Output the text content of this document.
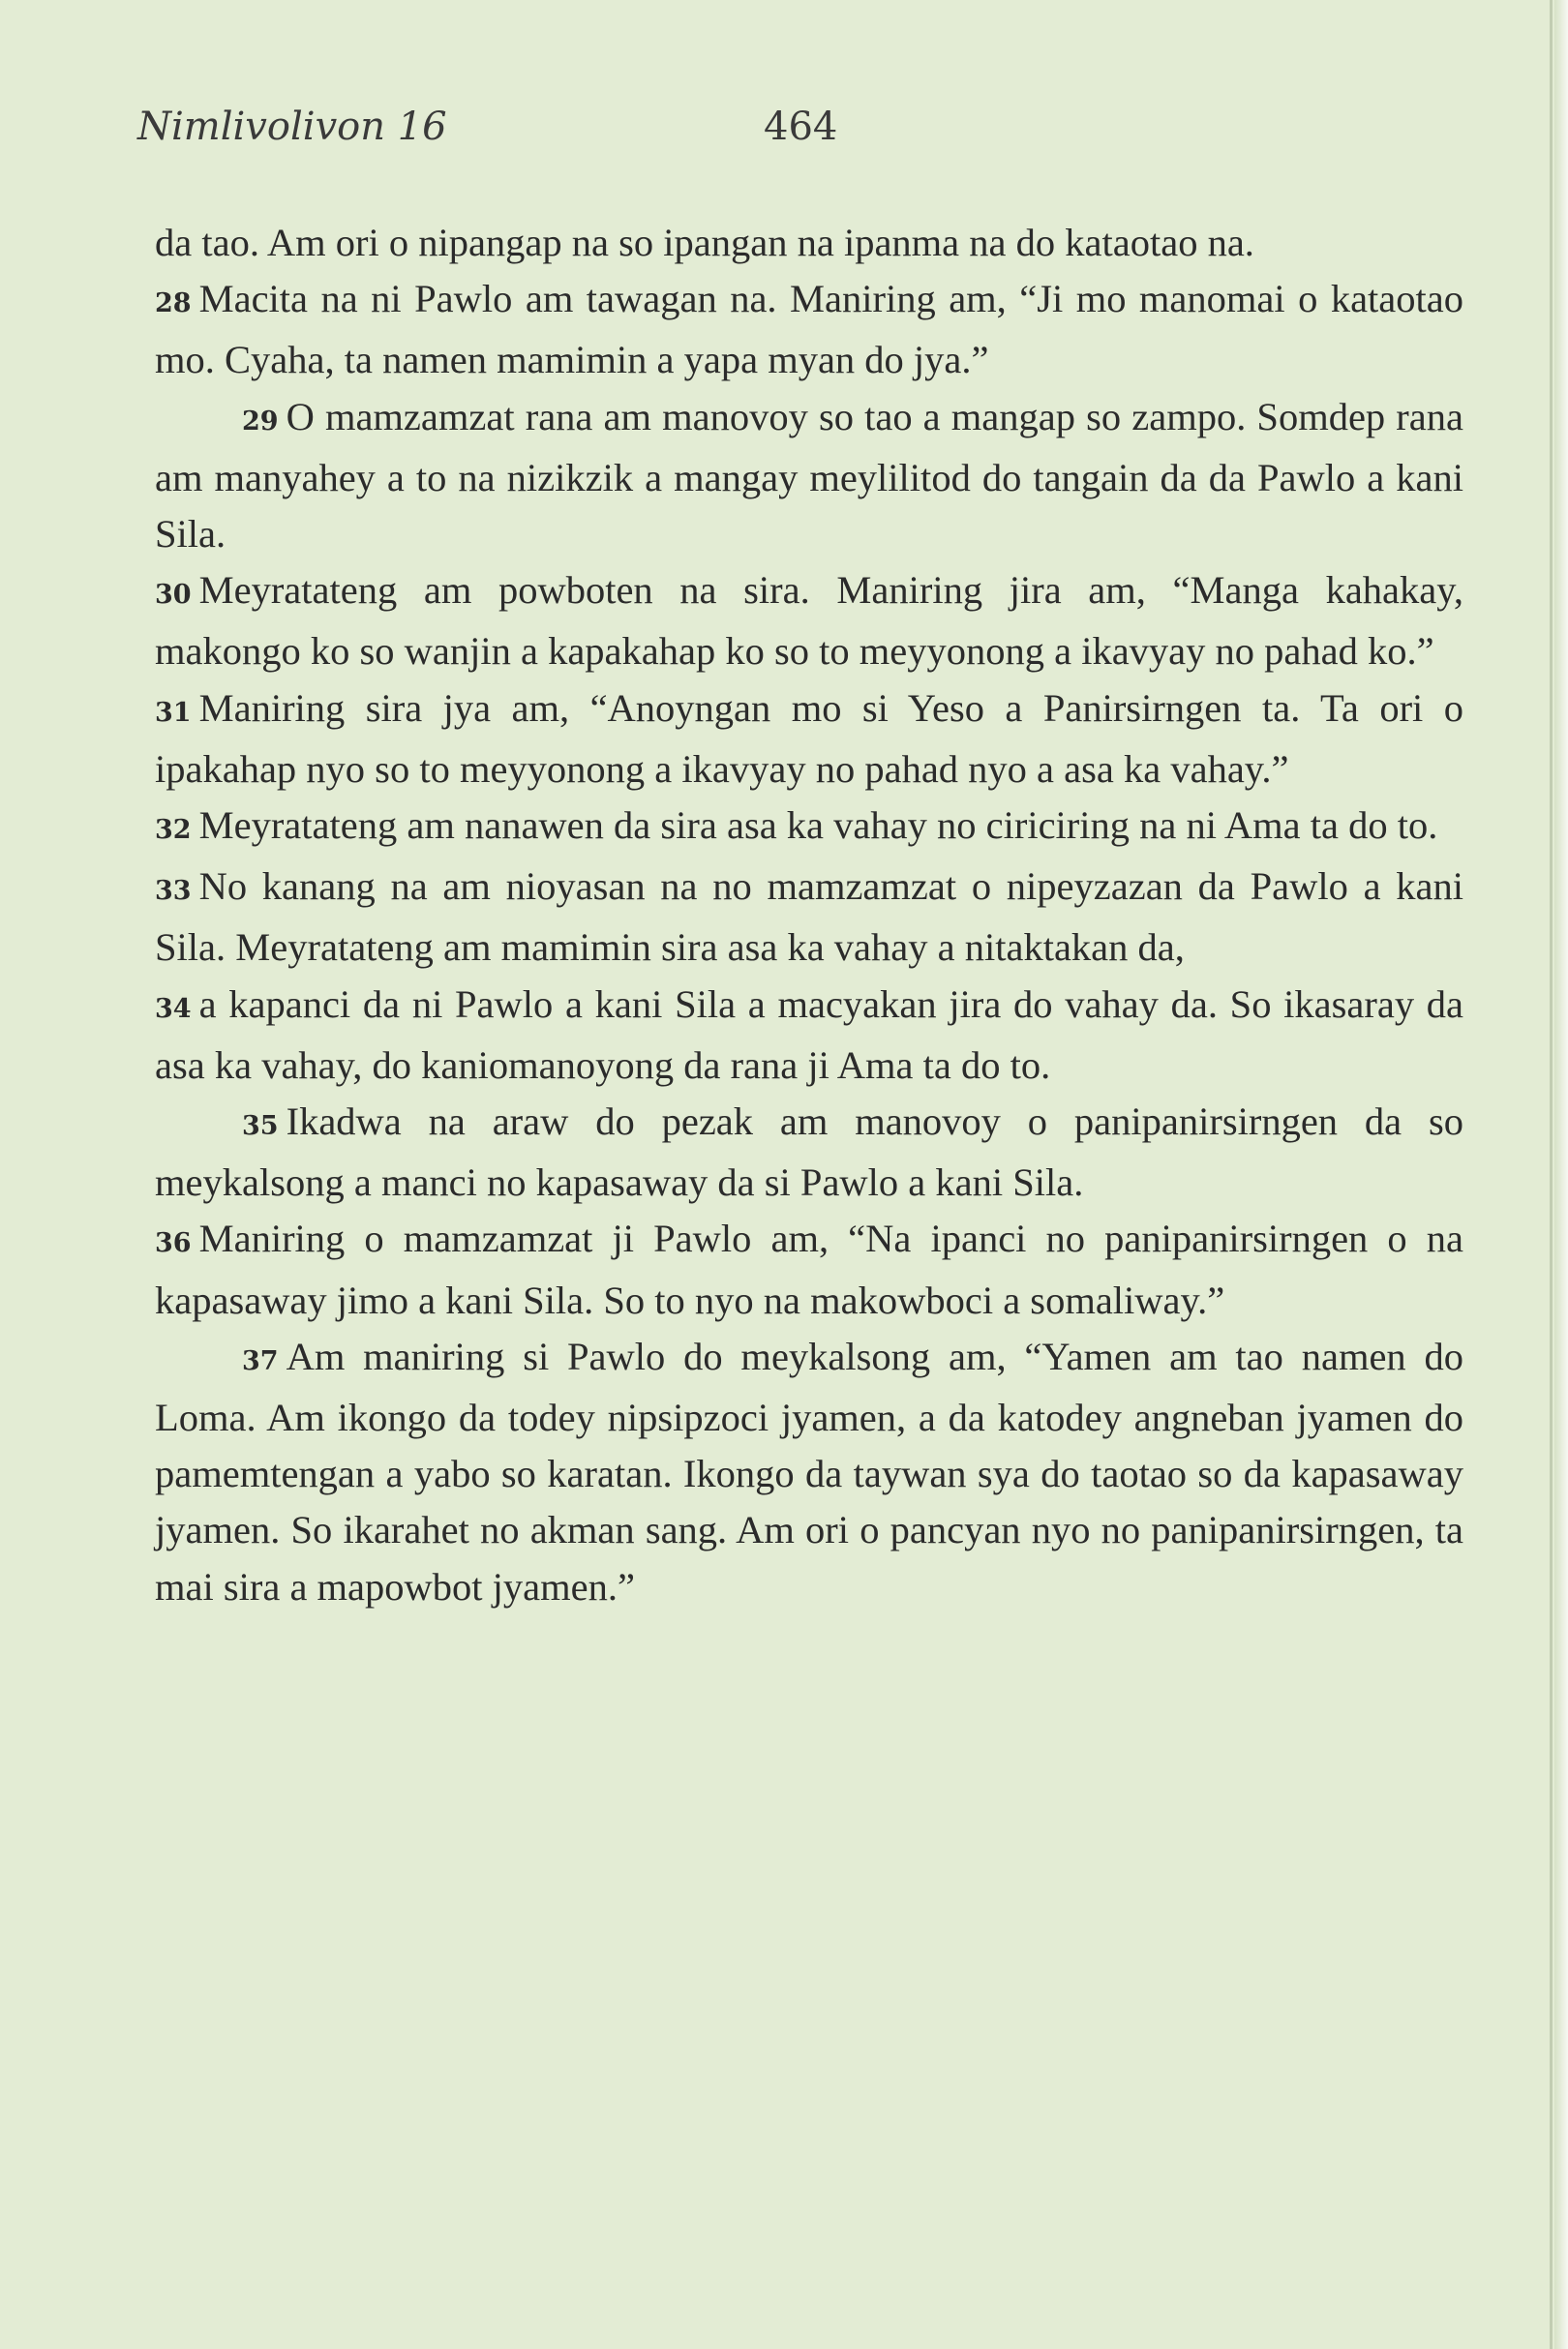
Nimlivolivon 16	464

da tao. Am ori o nipangap na so ipangan na ipanma na do kataotao na.

28 Macita na ni Pawlo am tawagan na. Maniring am, “Ji mo manomai o kataotao mo. Cyaha, ta namen mamimin a yapa myan do jya.”

29 O mamzamzat rana am manovoy so tao a mangap so zampo. Somdep rana am manyahey a to na nizikzik a mangay meylilitod do tangain da da Pawlo a kani Sila.

30 Meyratateng am powboten na sira. Maniring jira am, “Manga kahakay, makongo ko so wanjin a kapakahap ko so to meyyonong a ikavyay no pahad ko.”

31 Maniring sira jya am, “Anoyngan mo si Yeso a Panirsirngen ta. Ta ori o ipakahap nyo so to meyyonong a ikavyay no pahad nyo a asa ka vahay.”

32 Meyratateng am nanawen da sira asa ka vahay no ciriciring na ni Ama ta do to.

33 No kanang na am nioyasan na no mamzamzat o nipeyzazan da Pawlo a kani Sila. Meyratateng am mamimin sira asa ka vahay a nitaktakan da,

34 a kapanci da ni Pawlo a kani Sila a macyakan jira do vahay da. So ikasaray da asa ka vahay, do kaniomanoyong da rana ji Ama ta do to.

35 Ikadwa na araw do pezak am manovoy o panipanirsirngen da so meykalsong a manci no kapasaway da si Pawlo a kani Sila.

36 Maniring o mamzamzat ji Pawlo am, “Na ipanci no panipanirsirngen o na kapasaway jimo a kani Sila. So to nyo na makowboci a somaliway.”

37 Am maniring si Pawlo do meykalsong am, “Yamen am tao namen do Loma. Am ikongo da todey nipsipzoci jyamen, a da katodey angneban jyamen do pamemtengan a yabo so karatan. Ikongo da taywan sya do taotao so da kapasaway jyamen. So ikarahet no akman sang. Am ori o pancyan nyo no panipanirsirngen, ta mai sira a mapowbot jyamen.”
